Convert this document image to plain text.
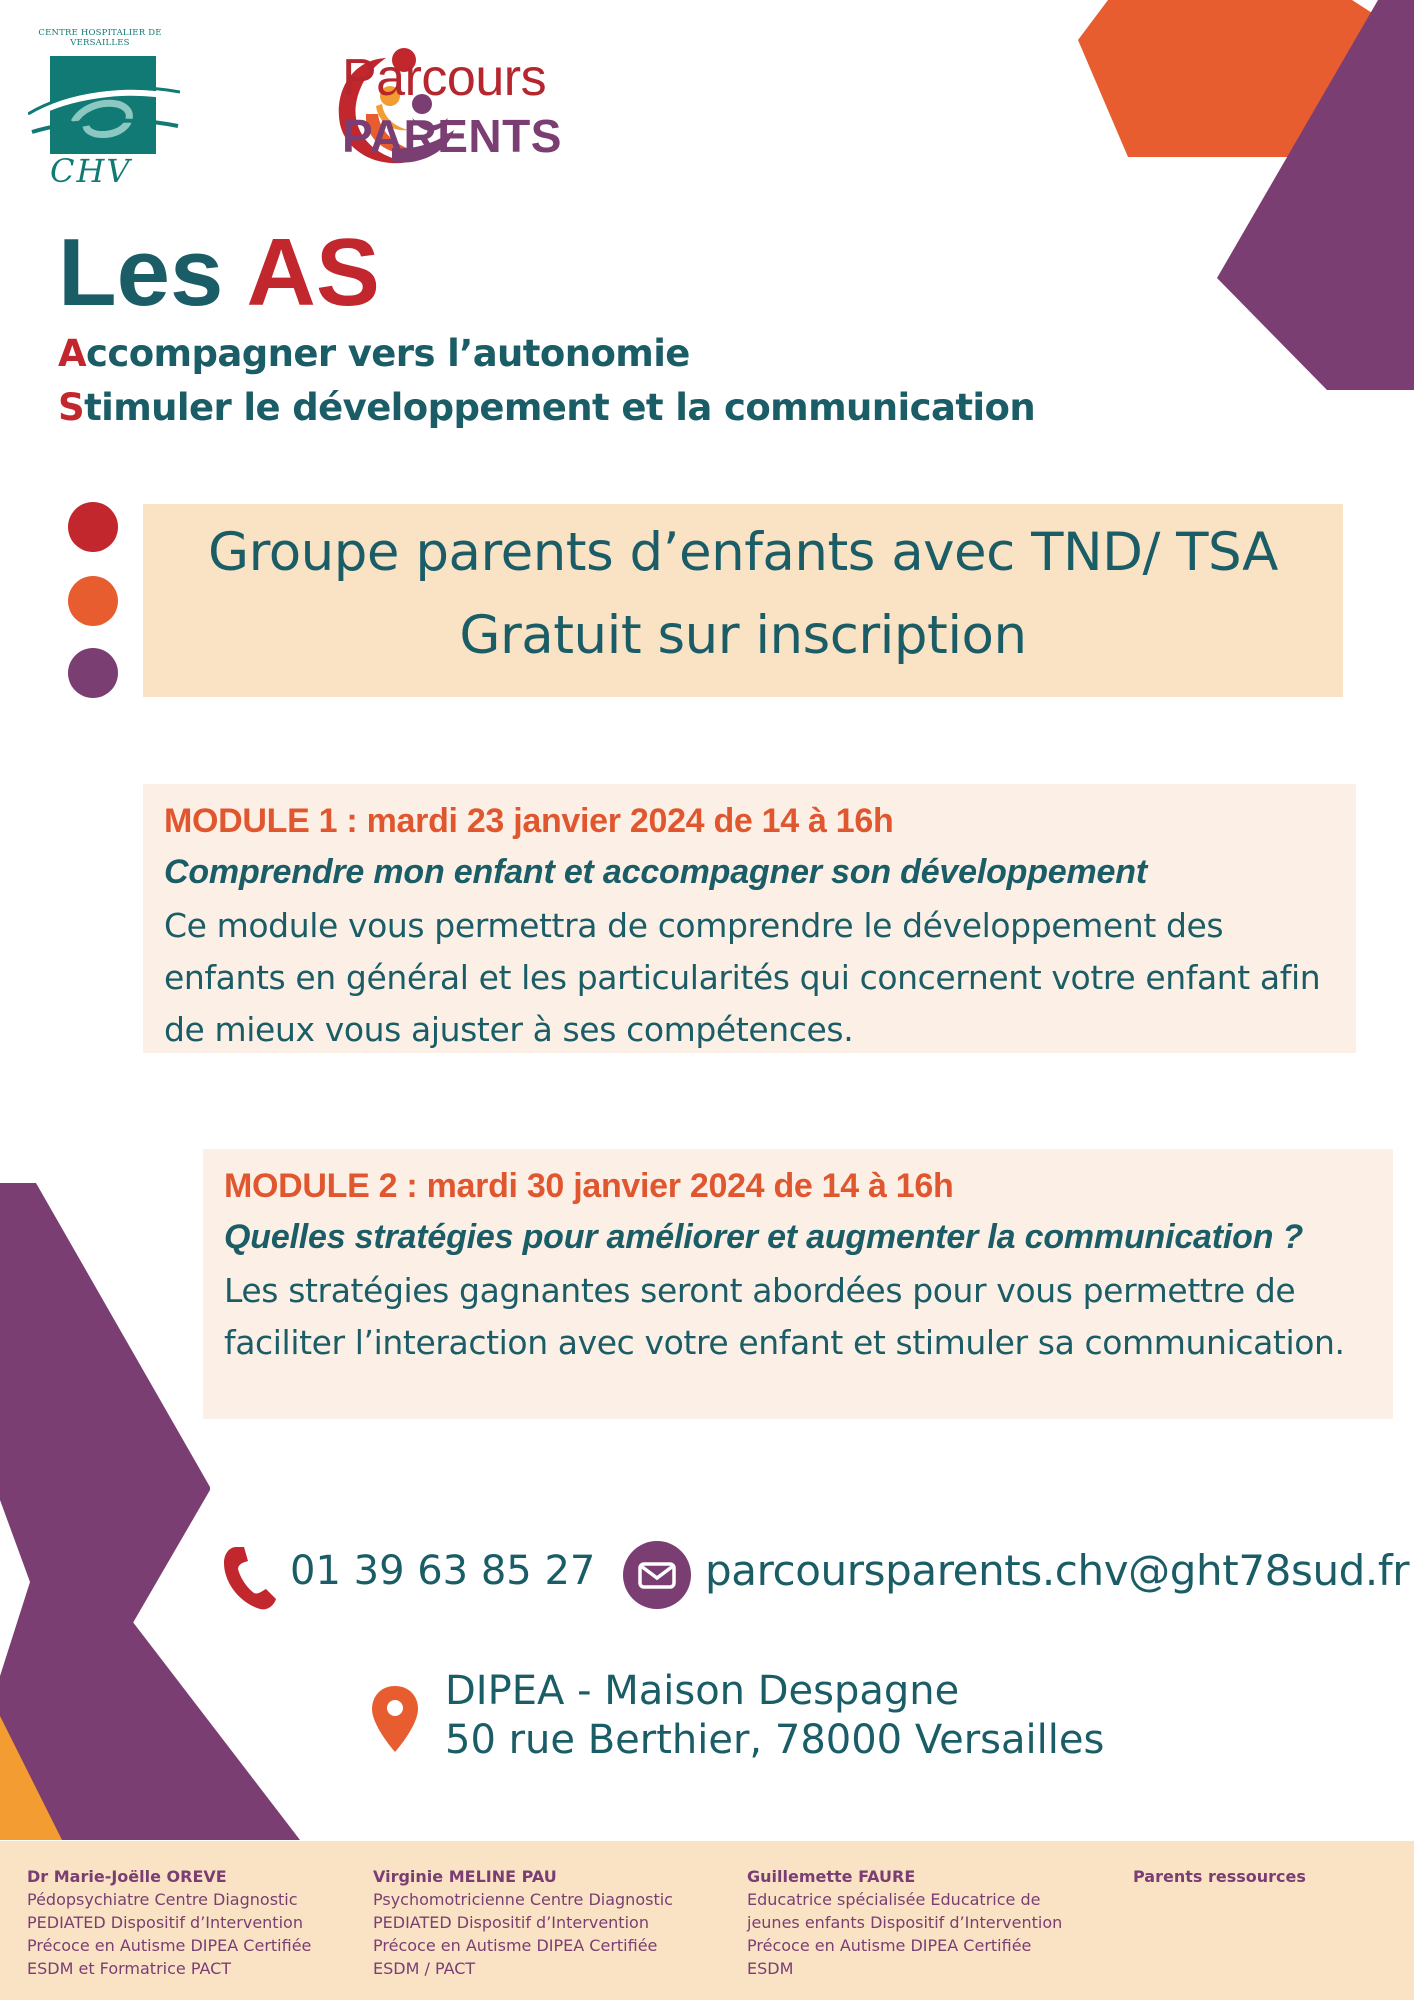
CENTRE HOSPITALIER DE VERSAILLES
CHV
Parcours
PARENTS
Les AS
Accompagner vers l’autonomie
Stimuler le développement et la communication
Groupe parents d’enfants avec TND/ TSA
Gratuit sur inscription
MODULE 1 : mardi 23 janvier 2024 de 14 à 16h
Comprendre mon enfant et accompagner son développement
Ce module vous permettra de comprendre le développement des enfants en général et les particularités qui concernent votre enfant afin de mieux vous ajuster à ses compétences.
MODULE 2 : mardi 30 janvier 2024 de 14 à 16h
Quelles stratégies pour améliorer et augmenter la communication ?
Les stratégies gagnantes seront abordées pour vous permettre de faciliter l’interaction avec votre enfant et stimuler sa communication.
01 39 63 85 27	parcoursparents.chv@ght78sud.fr
DIPEA - Maison Despagne
50 rue Berthier, 78000 Versailles
Dr Marie-Joëlle OREVE
Pédopsychiatre Centre Diagnostic PEDIATED Dispositif d’Intervention Précoce en Autisme DIPEA Certifiée ESDM et Formatrice PACT
Virginie MELINE PAU
Psychomotricienne Centre Diagnostic PEDIATED Dispositif d’Intervention Précoce en Autisme DIPEA Certifiée ESDM / PACT
Guillemette FAURE
Educatrice spécialisée Educatrice de jeunes enfants Dispositif d’Intervention Précoce en Autisme DIPEA Certifiée ESDM
Parents ressources
